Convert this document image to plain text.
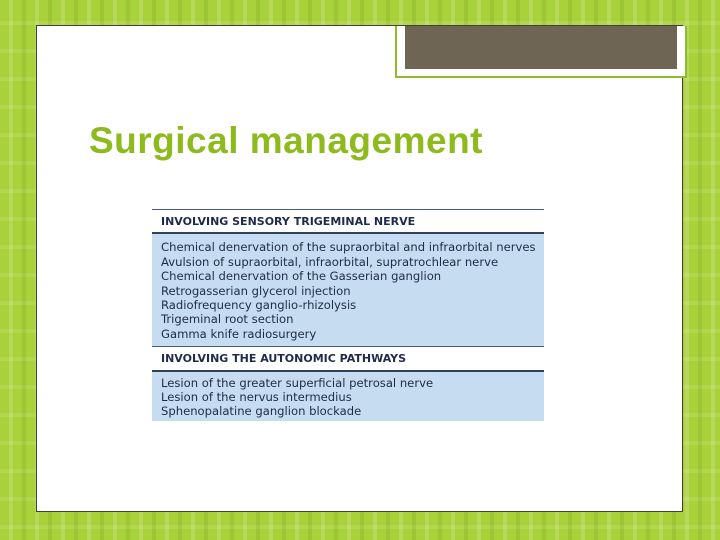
Surgical management
INVOLVING SENSORY TRIGEMINAL NERVE
Chemical denervation of the supraorbital and infraorbital nerves
Avulsion of supraorbital, infraorbital, supratrochlear nerve
Chemical denervation of the Gasserian ganglion
Retrogasserian glycerol injection
Radiofrequency ganglio-rhizolysis
Trigeminal root section
Gamma knife radiosurgery
INVOLVING THE AUTONOMIC PATHWAYS
Lesion of the greater superficial petrosal nerve
Lesion of the nervus intermedius
Sphenopalatine ganglion blockade
